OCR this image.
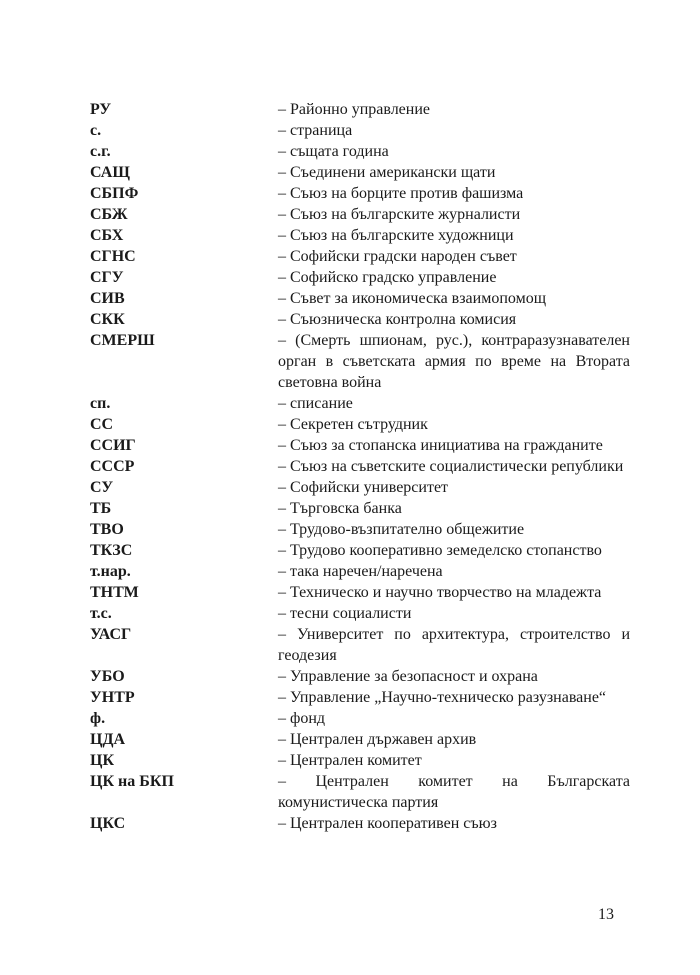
РУ	– Районно управление
с.	– страница
с.г.	– същата година
САЩ	– Съединени американски щати
СБПФ	– Съюз на борците против фашизма
СБЖ	– Съюз на българските журналисти
СБХ	– Съюз на българските художници
СГНС	– Софийски градски народен съвет
СГУ	– Софийско градско управление
СИВ	– Съвет за икономическа взаимопомощ
СКК	– Съюзническа контролна комисия
СМЕРШ	– (Смерть шпионам, рус.), контраразузнавателен орган в съветската армия по време на Втората световна война
сп.	– списание
СС	– Секретен сътрудник
ССИГ	– Съюз за стопанска инициатива на гражданите
СССР	– Съюз на съветските социалистически републики
СУ	– Софийски университет
ТБ	– Търговска банка
ТВО	– Трудово-възпитателно общежитие
ТКЗС	– Трудово кооперативно земеделско стопанство
т.нар.	– така наречен/наречена
ТНТМ	– Техническо и научно творчество на младежта
т.с.	– тесни социалисти
УАСГ	– Университет по архитектура, строителство и геодезия
УБО	– Управление за безопасност и охрана
УНТР	– Управление „Научно-техническо разузнаване“
ф.	– фонд
ЦДА	– Централен държавен архив
ЦК	– Централен комитет
ЦК на БКП	– Централен комитет на Българската комунистическа партия
ЦКС	– Централен кооперативен съюз
13
